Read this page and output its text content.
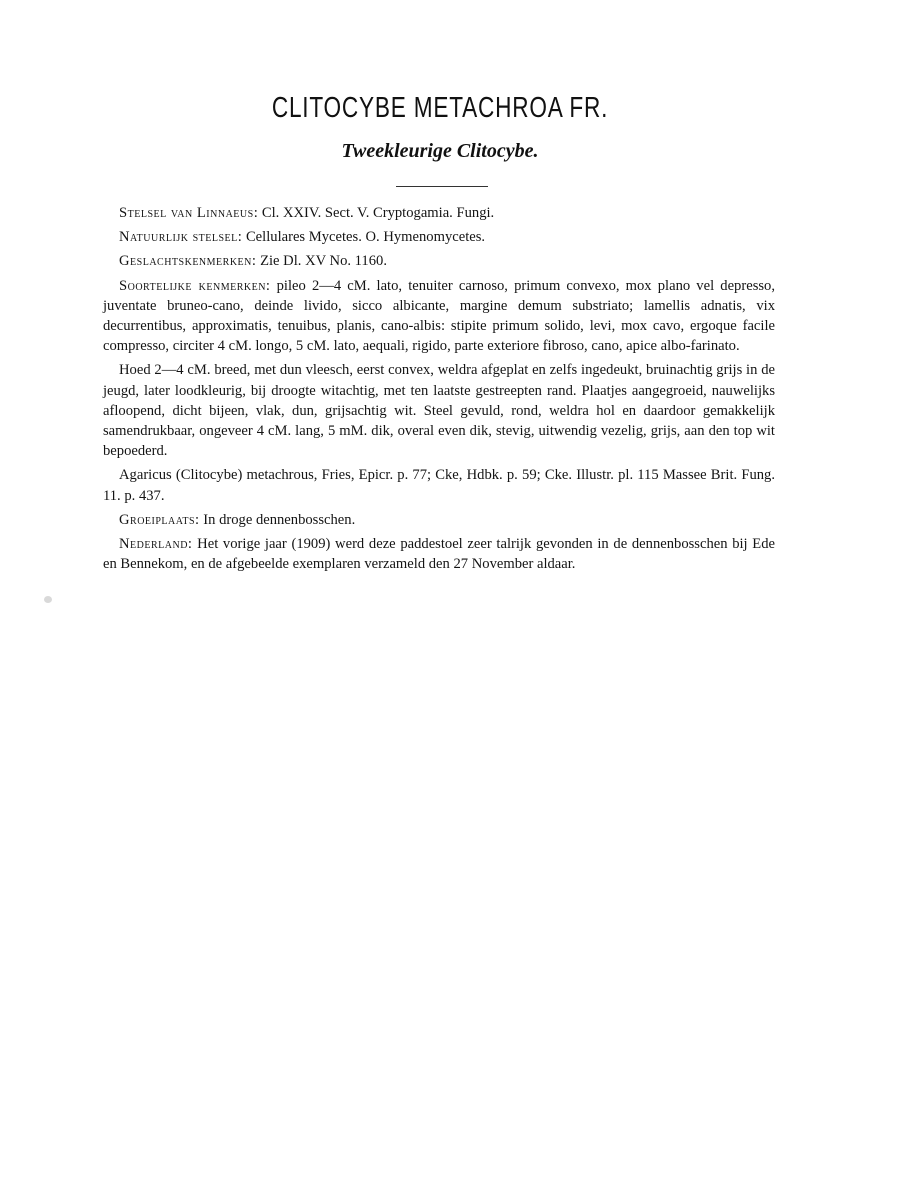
CLITOCYBE METACHROA FR.
Tweekleurige Clitocybe.

Stelsel van Linnaeus: Cl. XXIV. Sect. V. Cryptogamia. Fungi.

Natuurlijk stelsel: Cellulares Mycetes. O. Hymenomycetes.

Geslachtskenmerken: Zie Dl. XV No. 1160.

Soortelijke kenmerken: pileo 2—4 cM. lato, tenuiter carnoso, primum convexo, mox plano vel depresso, juventate bruneo-cano, deinde livido, sicco albicante, margine demum substriato; lamellis adnatis, vix decurrentibus, approximatis, tenuibus, planis, cano-albis: stipite primum solido, levi, mox cavo, ergoque facile compresso, circiter 4 cM. longo, 5 cM. lato, aequali, rigido, parte exteriore fibroso, cano, apice albo-farinato.

Hoed 2—4 cM. breed, met dun vleesch, eerst convex, weldra afgeplat en zelfs ingedeukt, bruinachtig grijs in de jeugd, later loodkleurig, bij droogte witachtig, met ten laatste gestreepten rand. Plaatjes aangegroeid, nauwelijks afloopend, dicht bijeen, vlak, dun, grijsachtig wit. Steel gevuld, rond, weldra hol en daardoor gemakkelijk samendrukbaar, ongeveer 4 cM. lang, 5 mM. dik, overal even dik, stevig, uitwendig vezelig, grijs, aan den top wit bepoederd.

Agaricus (Clitocybe) metachrous, Fries, Epicr. p. 77; Cke, Hdbk. p. 59; Cke. Illustr. pl. 115 Massee Brit. Fung. 11. p. 437.

Groeiplaats: In droge dennenbosschen.

Nederland: Het vorige jaar (1909) werd deze paddestoel zeer talrijk gevonden in de dennenbosschen bij Ede en Bennekom, en de afgebeelde exemplaren verzameld den 27 November aldaar.
